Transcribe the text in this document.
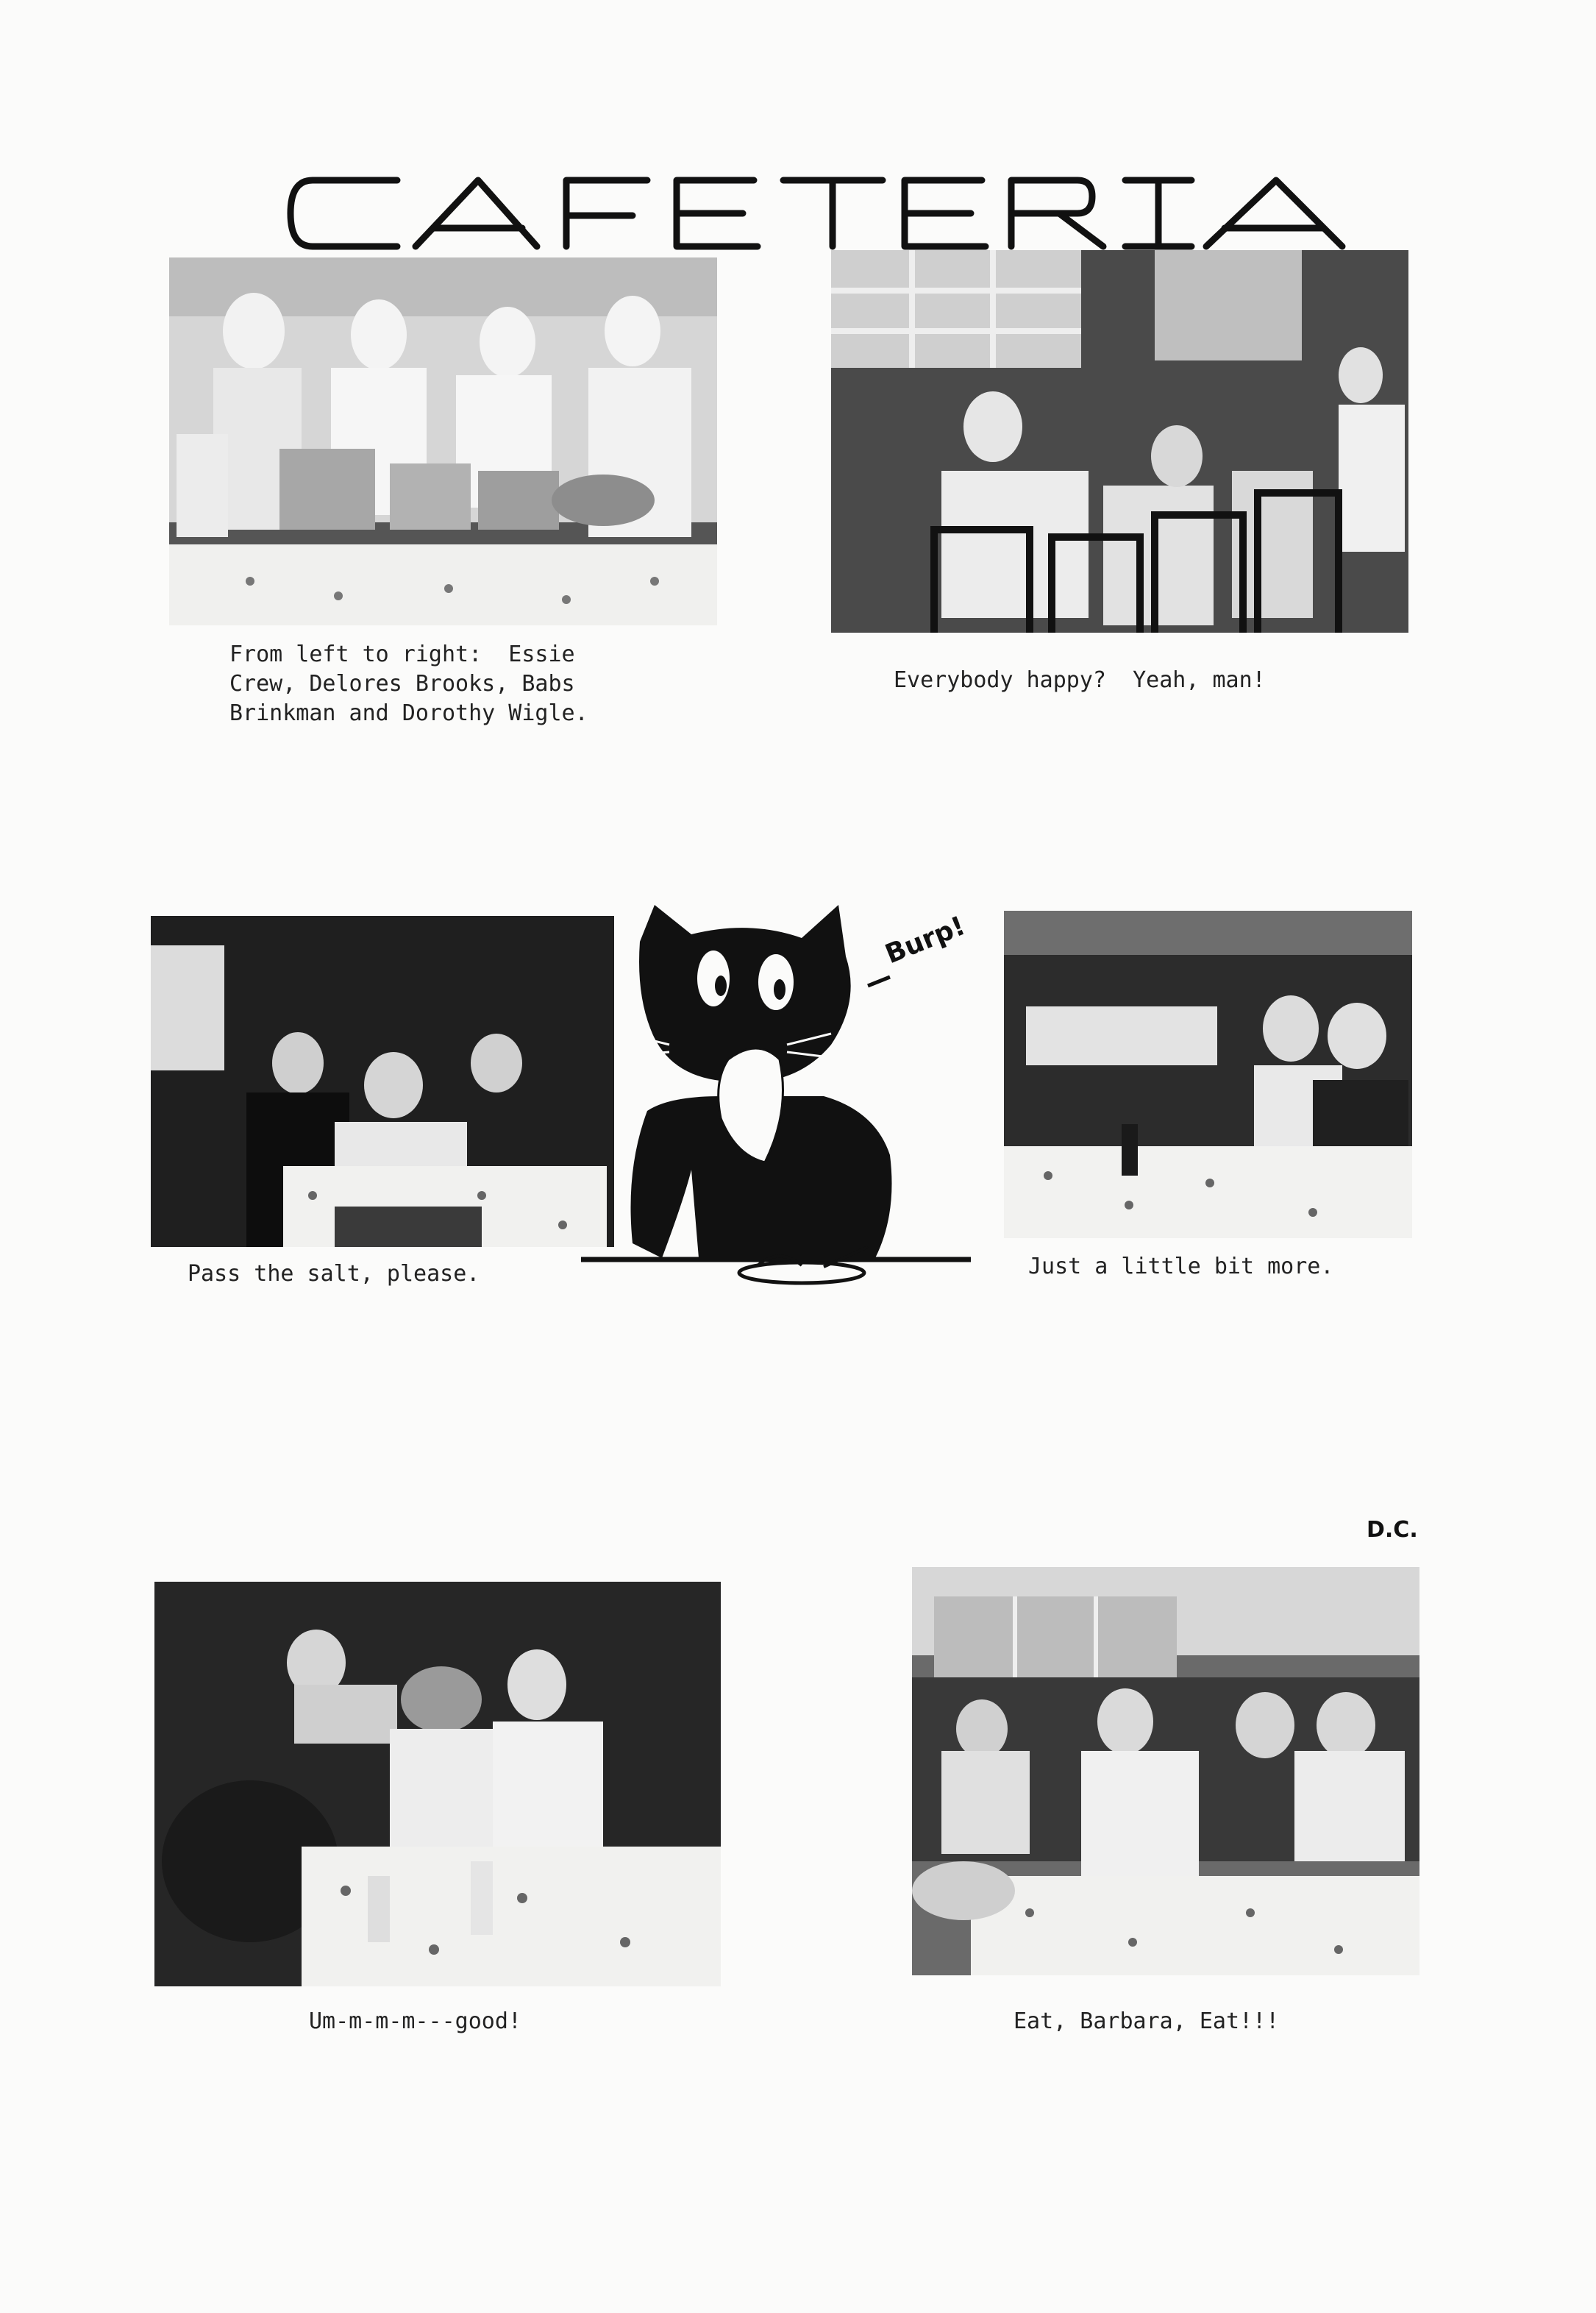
From left to right:  Essie
Crew, Delores Brooks, Babs
Brinkman and Dorothy Wigle.
Everybody happy?  Yeah, man!
Pass the salt, please.
Burp!
Just a little bit more.
Um-m-m-m---good!	Eat, Barbara, Eat!!!
D.C.
